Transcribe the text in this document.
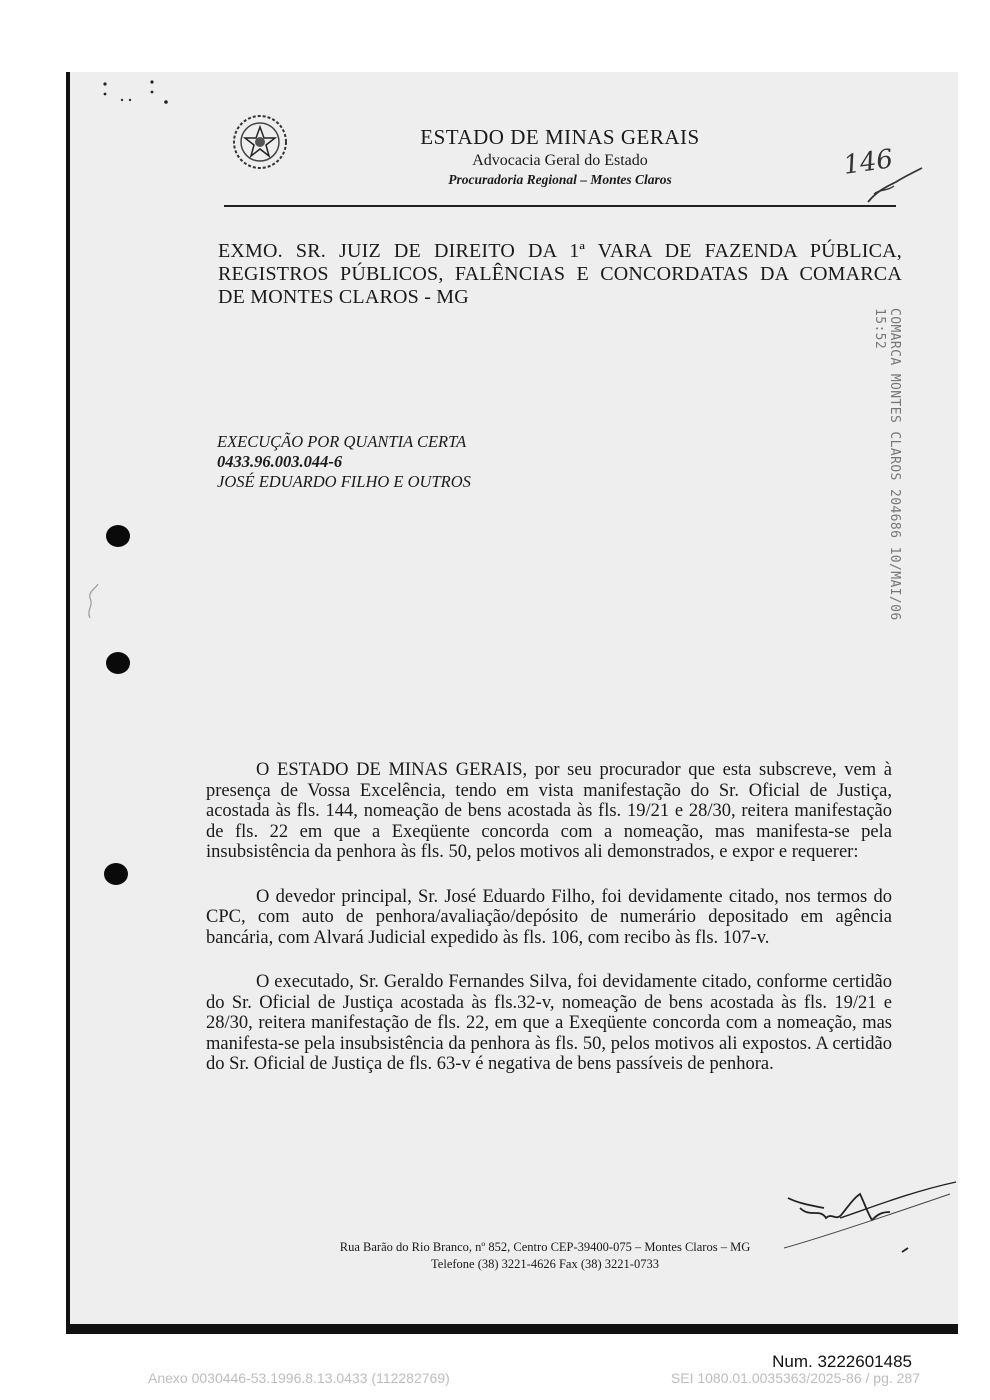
ESTADO DE MINAS GERAIS
Advocacia Geral do Estado
Procuradoria Regional – Montes Claros	146
EXMO. SR. JUIZ DE DIREITO DA 1ª VARA DE FAZENDA PÚBLICA,
REGISTROS PÚBLICOS, FALÊNCIAS E CONCORDATAS DA COMARCA
DE MONTES CLAROS - MG
COMARCA MONTES CLAROS 204686 10/MAI/06 15:52
EXECUÇÃO POR QUANTIA CERTA
0433.96.003.044-6
JOSÉ EDUARDO FILHO E OUTROS

O ESTADO DE MINAS GERAIS, por seu procurador que esta subscreve, vem à presença de Vossa Excelência, tendo em vista manifestação do Sr. Oficial de Justiça, acostada às fls. 144, nomeação de bens acostada às fls. 19/21 e 28/30, reitera manifestação de fls. 22 em que a Exeqüente concorda com a nomeação, mas manifesta-se pela insubsistência da penhora às fls. 50, pelos motivos ali demonstrados, e expor e requerer:

O devedor principal, Sr. José Eduardo Filho, foi devidamente citado, nos termos do CPC, com auto de penhora/avaliação/depósito de numerário depositado em agência bancária, com Alvará Judicial expedido às fls. 106, com recibo às fls. 107-v.

O executado, Sr. Geraldo Fernandes Silva, foi devidamente citado, conforme certidão do Sr. Oficial de Justiça acostada às fls.32-v, nomeação de bens acostada às fls. 19/21 e 28/30, reitera manifestação de fls. 22, em que a Exeqüente concorda com a nomeação, mas manifesta-se pela insubsistência da penhora às fls. 50, pelos motivos ali expostos. A certidão do Sr. Oficial de Justiça de fls. 63-v é negativa de bens passíveis de penhora.

Rua Barão do Rio Branco, nº 852, Centro CEP-39400-075 – Montes Claros – MG
Telefone (38) 3221-4626 Fax (38) 3221-0733
Num. 3222601485
Anexo 0030446-53.1996.8.13.0433 (112282769)	SEI 1080.01.0035363/2025-86 / pg. 287
